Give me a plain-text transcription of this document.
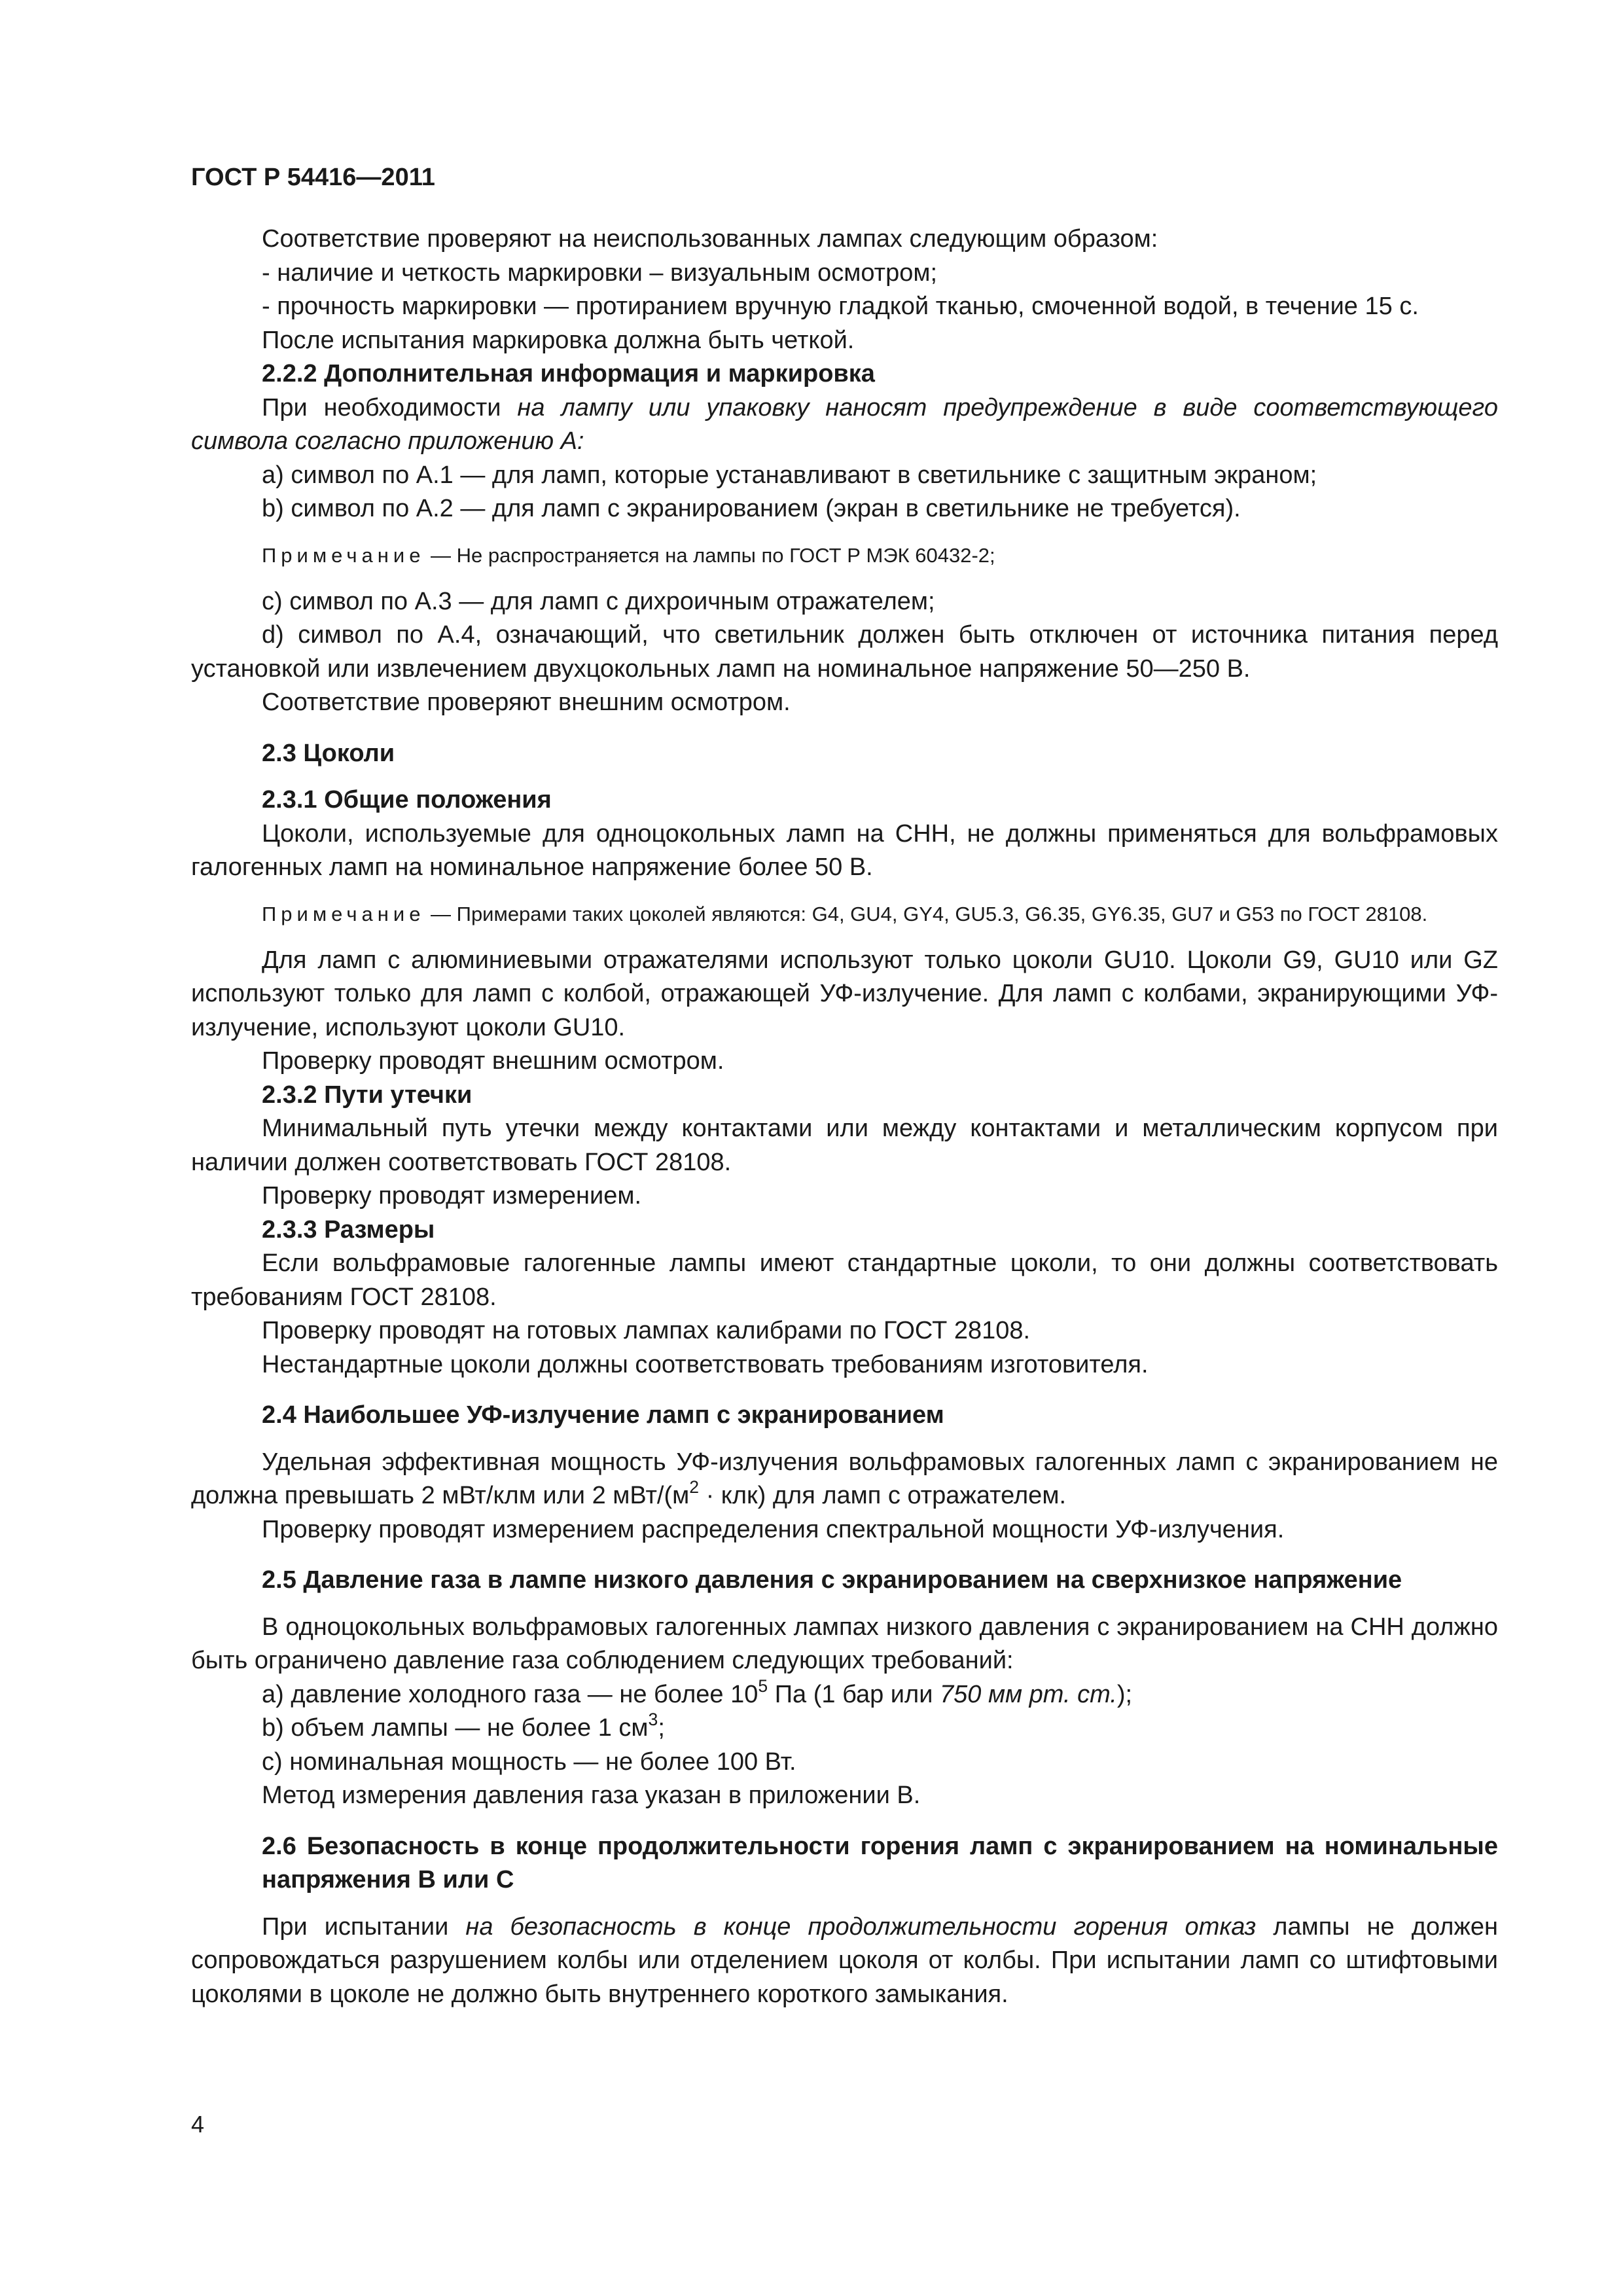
ГОСТ Р 54416—2011

Соответствие проверяют на неиспользованных лампах следующим образом:

- наличие и четкость маркировки – визуальным осмотром;

- прочность маркировки — протиранием вручную гладкой тканью, смоченной водой, в течение 15 с.

После испытания маркировка должна быть четкой.

2.2.2 Дополнительная информация и маркировка

При необходимости на лампу или упаковку наносят предупреждение в виде соответствующего символа согласно приложению А:

a) символ по А.1 — для ламп, которые устанавливают в светильнике с защитным экраном;

b) символ по А.2 — для ламп с экранированием (экран в светильнике не требуется).

Примечание — Не распространяется на лампы по ГОСТ Р МЭК 60432-2;

c) символ по А.3 — для ламп с дихроичным отражателем;

d) символ по А.4, означающий, что светильник должен быть отключен от источника питания перед установкой или извлечением двухцокольных ламп на номинальное напряжение 50—250 В.

Соответствие проверяют внешним осмотром.

2.3 Цоколи

2.3.1 Общие положения

Цоколи, используемые для одноцокольных ламп на СНН, не должны применяться для вольфрамовых галогенных ламп на номинальное напряжение более 50 В.

Примечание — Примерами таких цоколей являются: G4, GU4, GY4, GU5.3, G6.35, GY6.35, GU7 и G53 по ГОСТ 28108.

Для ламп с алюминиевыми отражателями используют только цоколи GU10. Цоколи G9, GU10 или GZ используют только для ламп с колбой, отражающей УФ-излучение. Для ламп с колбами, экранирующими УФ-излучение, используют цоколи GU10.

Проверку проводят внешним осмотром.

2.3.2 Пути утечки

Минимальный путь утечки между контактами или между контактами и металлическим корпусом при наличии должен соответствовать ГОСТ 28108.

Проверку проводят измерением.

2.3.3 Размеры

Если вольфрамовые галогенные лампы имеют стандартные цоколи, то они должны соответствовать требованиям ГОСТ 28108.

Проверку проводят на готовых лампах калибрами по ГОСТ 28108.

Нестандартные цоколи должны соответствовать требованиям изготовителя.

2.4 Наибольшее УФ-излучение ламп с экранированием

Удельная эффективная мощность УФ-излучения вольфрамовых галогенных ламп с экранированием не должна превышать 2 мВт/клм или 2 мВт/$(м^2 \cdot клк)$ для ламп с отражателем.

Проверку проводят измерением распределения спектральной мощности УФ-излучения.

2.5 Давление газа в лампе низкого давления с экранированием на сверхнизкое напряжение

В одноцокольных вольфрамовых галогенных лампах низкого давления с экранированием на СНН должно быть ограничено давление газа соблюдением следующих требований:

a) давление холодного газа — не более $10^5$ Па (1 бар или 750 мм рт. ст.);

b) объем лампы — не более 1 $см^3$;

c) номинальная мощность — не более 100 Вт.

Метод измерения давления газа указан в приложении В.

2.6 Безопасность в конце продолжительности горения ламп с экранированием на номинальные напряжения В или С

При испытании на безопасность в конце продолжительности горения отказ лампы не должен сопровождаться разрушением колбы или отделением цоколя от колбы. При испытании ламп со штифтовыми цоколями в цоколе не должно быть внутреннего короткого замыкания.

4
